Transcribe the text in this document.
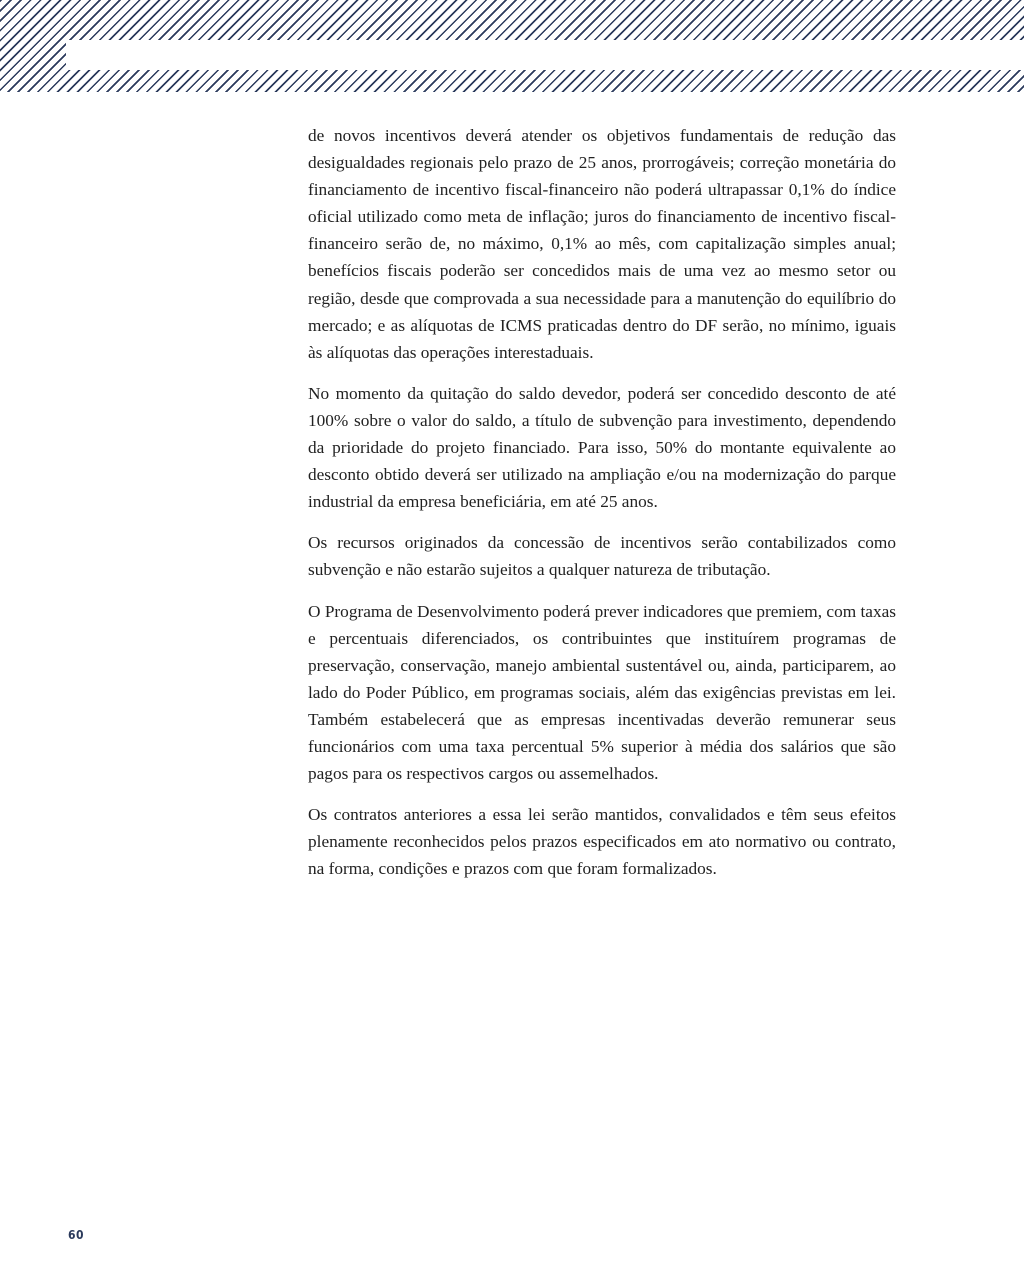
de novos incentivos deverá atender os objetivos fundamentais de redução das desigualdades regionais pelo prazo de 25 anos, prorrogáveis; correção monetária do financiamento de incentivo fiscal-financeiro não poderá ultrapassar 0,1% do índice oficial utilizado como meta de inflação; juros do financiamento de incentivo fiscal-financeiro serão de, no máximo, 0,1% ao mês, com capitalização simples anual; benefícios fiscais poderão ser concedidos mais de uma vez ao mesmo setor ou região, desde que comprovada a sua necessidade para a manutenção do equilíbrio do mercado; e as alíquotas de ICMS praticadas dentro do DF serão, no mínimo, iguais às alíquotas das operações interestaduais.

No momento da quitação do saldo devedor, poderá ser concedido desconto de até 100% sobre o valor do saldo, a título de subvenção para investimento, dependendo da prioridade do projeto financiado. Para isso, 50% do montante equivalente ao desconto obtido deverá ser utilizado na ampliação e/ou na modernização do parque industrial da empresa beneficiária, em até 25 anos.

Os recursos originados da concessão de incentivos serão contabilizados como subvenção e não estarão sujeitos a qualquer natureza de tributação.

O Programa de Desenvolvimento poderá prever indicadores que premiem, com taxas e percentuais diferenciados, os contribuintes que instituírem programas de preservação, conservação, manejo ambiental sustentável ou, ainda, participarem, ao lado do Poder Público, em programas sociais, além das exigências previstas em lei. Também estabelecerá que as empresas incentivadas deverão remunerar seus funcionários com uma taxa percentual 5% superior à média dos salários que são pagos para os respectivos cargos ou assemelhados.

Os contratos anteriores a essa lei serão mantidos, convalidados e têm seus efeitos plenamente reconhecidos pelos prazos especificados em ato normativo ou contrato, na forma, condições e prazos com que foram formalizados.

60
